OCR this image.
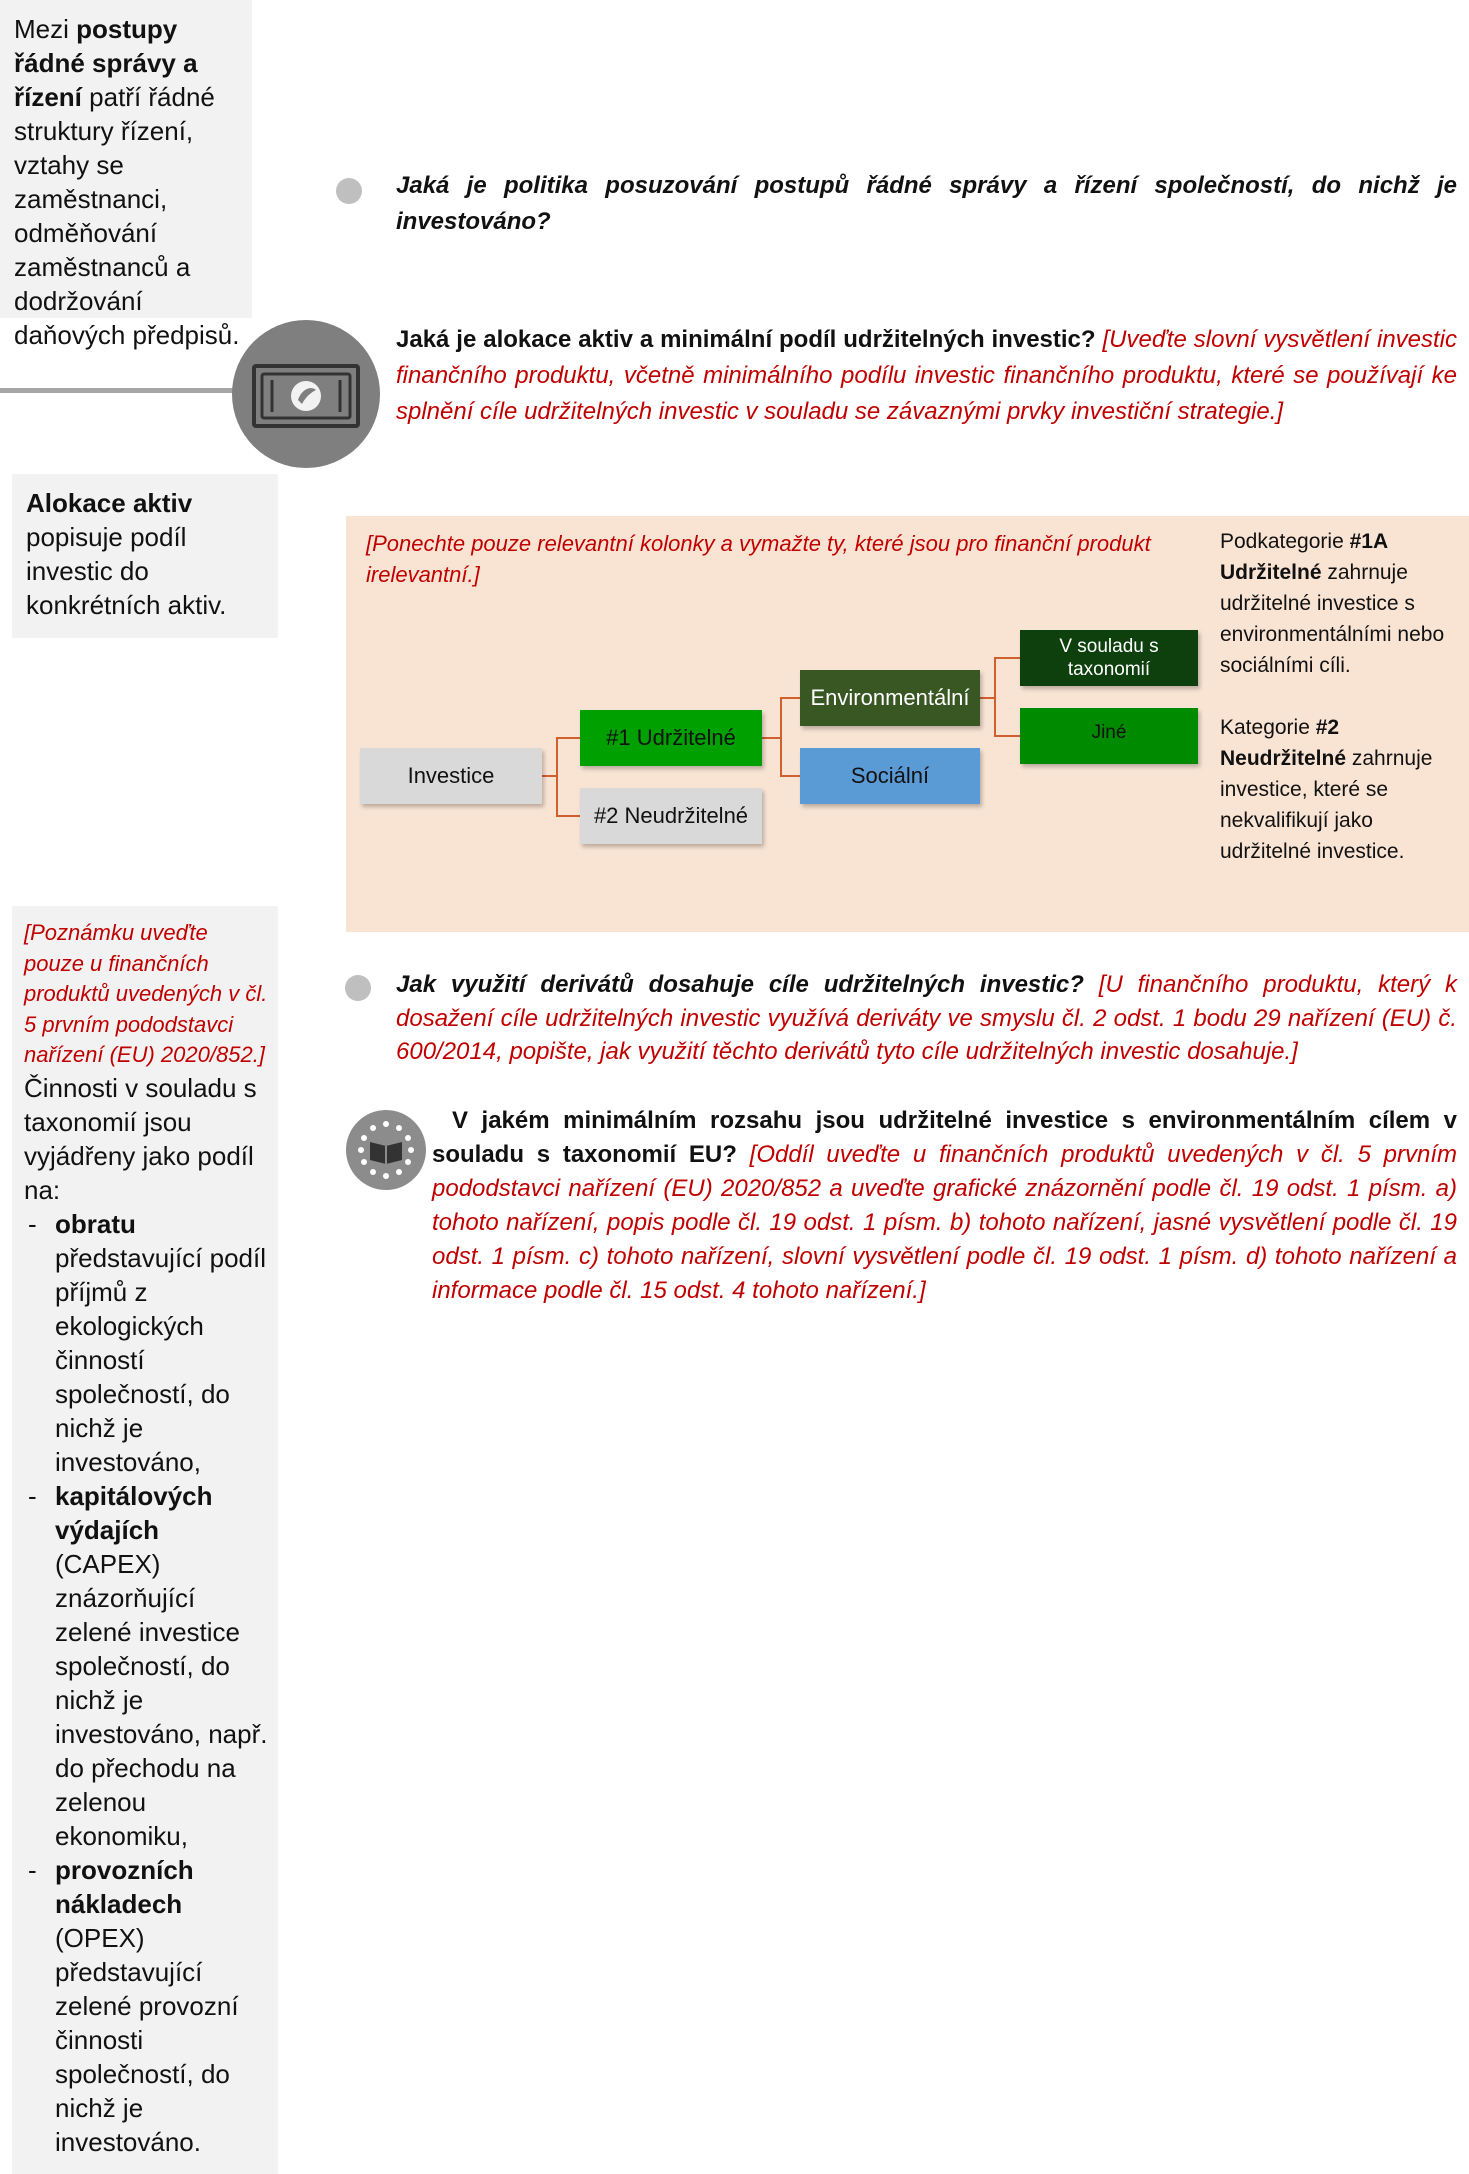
Mezi postupy řádné správy a řízení patří řádné struktury řízení, vztahy se zaměstnanci, odměňování zaměstnanců a dodržování daňových předpisů.
Jaká je politika posuzování postupů řádné správy a řízení společností, do nichž je investováno?
Jaká je alokace aktiv a minimální podíl udržitelných investic? [Uveďte slovní vysvětlení investic finančního produktu, včetně minimálního podílu investic finančního produktu, které se používají ke splnění cíle udržitelných investic v souladu se závaznými prvky investiční strategie.]
Alokace aktiv popisuje podíl investic do konkrétních aktiv.
[Ponechte pouze relevantní kolonky a vymažte ty, které jsou pro finanční produkt irelevantní.]
Podkategorie #1A Udržitelné zahrnuje udržitelné investice s environmentálními nebo sociálními cíli.
Kategorie #2 Neudržitelné zahrnuje investice, které se nekvalifikují jako udržitelné investice.
Investice
#1 Udržitelné
#2 Neudržitelné
Environmentální
Sociální
V souladu s taxonomií
Jiné
[Poznámku uveďte pouze u finančních produktů uvedených v čl. 5 prvním pododstavci nařízení (EU) 2020/852.]
Činnosti v souladu s taxonomií jsou vyjádřeny jako podíl na:
- obratu představující podíl příjmů z ekologických činností společností, do nichž je investováno,
- kapitálových výdajích (CAPEX) znázorňující zelené investice společností, do nichž je investováno, např. do přechodu na zelenou ekonomiku,
- provozních nákladech (OPEX) představující zelené provozní činnosti společností, do nichž je investováno.
Jak využití derivátů dosahuje cíle udržitelných investic? [U finančního produktu, který k dosažení cíle udržitelných investic využívá deriváty ve smyslu čl. 2 odst. 1 bodu 29 nařízení (EU) č. 600/2014, popište, jak využití těchto derivátů tyto cíle udržitelných investic dosahuje.]
V jakém minimálním rozsahu jsou udržitelné investice s environmentálním cílem v souladu s taxonomií EU? [Oddíl uveďte u finančních produktů uvedených v čl. 5 prvním pododstavci nařízení (EU) 2020/852 a uveďte grafické znázornění podle čl. 19 odst. 1 písm. a) tohoto nařízení, popis podle čl. 19 odst. 1 písm. b) tohoto nařízení, jasné vysvětlení podle čl. 19 odst. 1 písm. c) tohoto nařízení, slovní vysvětlení podle čl. 19 odst. 1 písm. d) tohoto nařízení a informace podle čl. 15 odst. 4 tohoto nařízení.]
